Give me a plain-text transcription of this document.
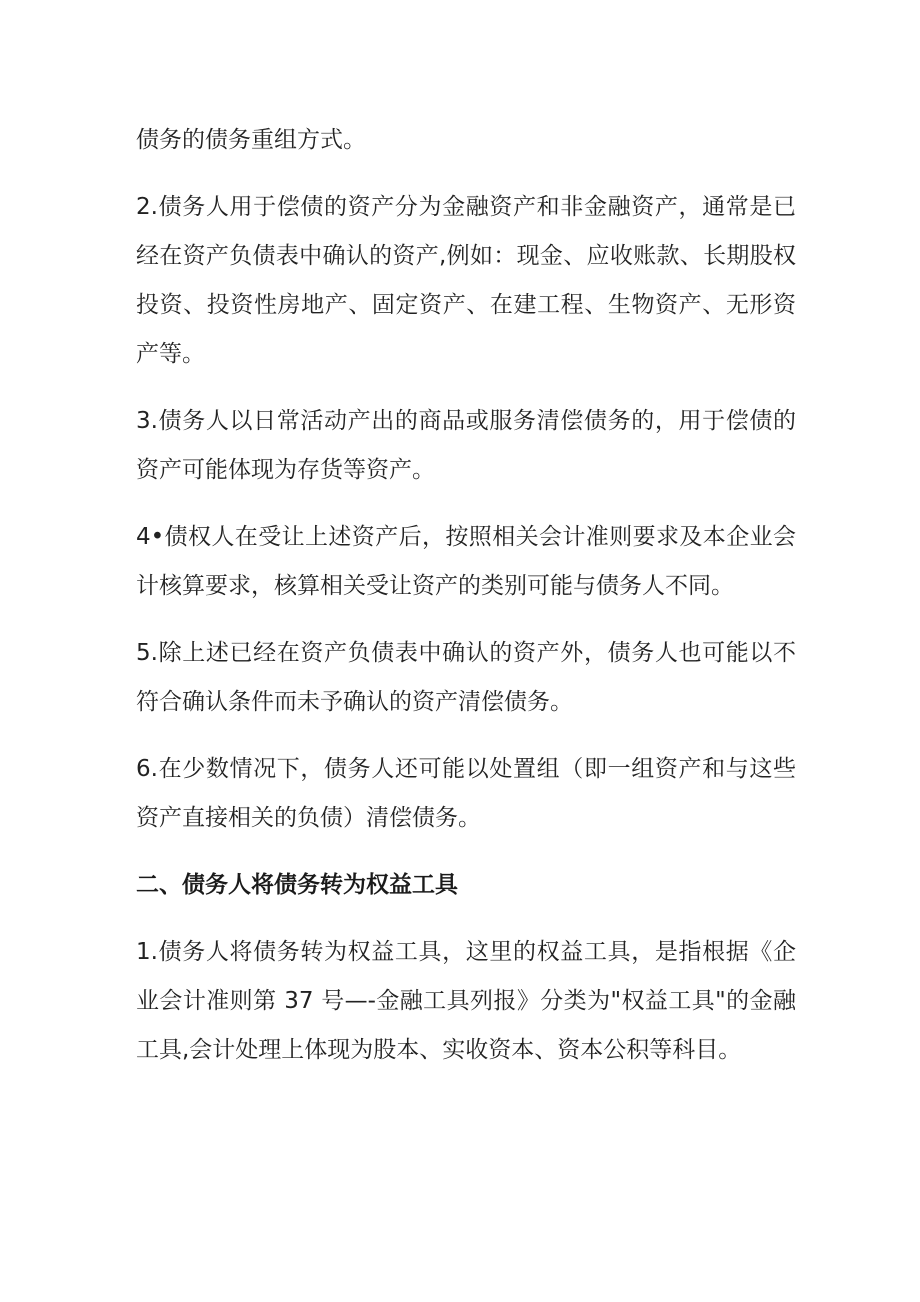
债务的债务重组方式。

2.债务人用于偿债的资产分为金融资产和非金融资产，通常是已经在资产负债表中确认的资产,例如：现金、应收账款、长期股权投资、投资性房地产、固定资产、在建工程、生物资产、无形资产等。

3.债务人以日常活动产出的商品或服务清偿债务的，用于偿债的资产可能体现为存货等资产。

4•债权人在受让上述资产后，按照相关会计准则要求及本企业会计核算要求，核算相关受让资产的类别可能与债务人不同。

5.除上述已经在资产负债表中确认的资产外，债务人也可能以不符合确认条件而未予确认的资产清偿债务。

6.在少数情况下，债务人还可能以处置组（即一组资产和与这些资产直接相关的负债）清偿债务。

二、债务人将债务转为权益工具

1.债务人将债务转为权益工具，这里的权益工具，是指根据《企业会计准则第 37 号—-金融工具列报》分类为"权益工具"的金融工具,会计处理上体现为股本、实收资本、资本公积等科目。
